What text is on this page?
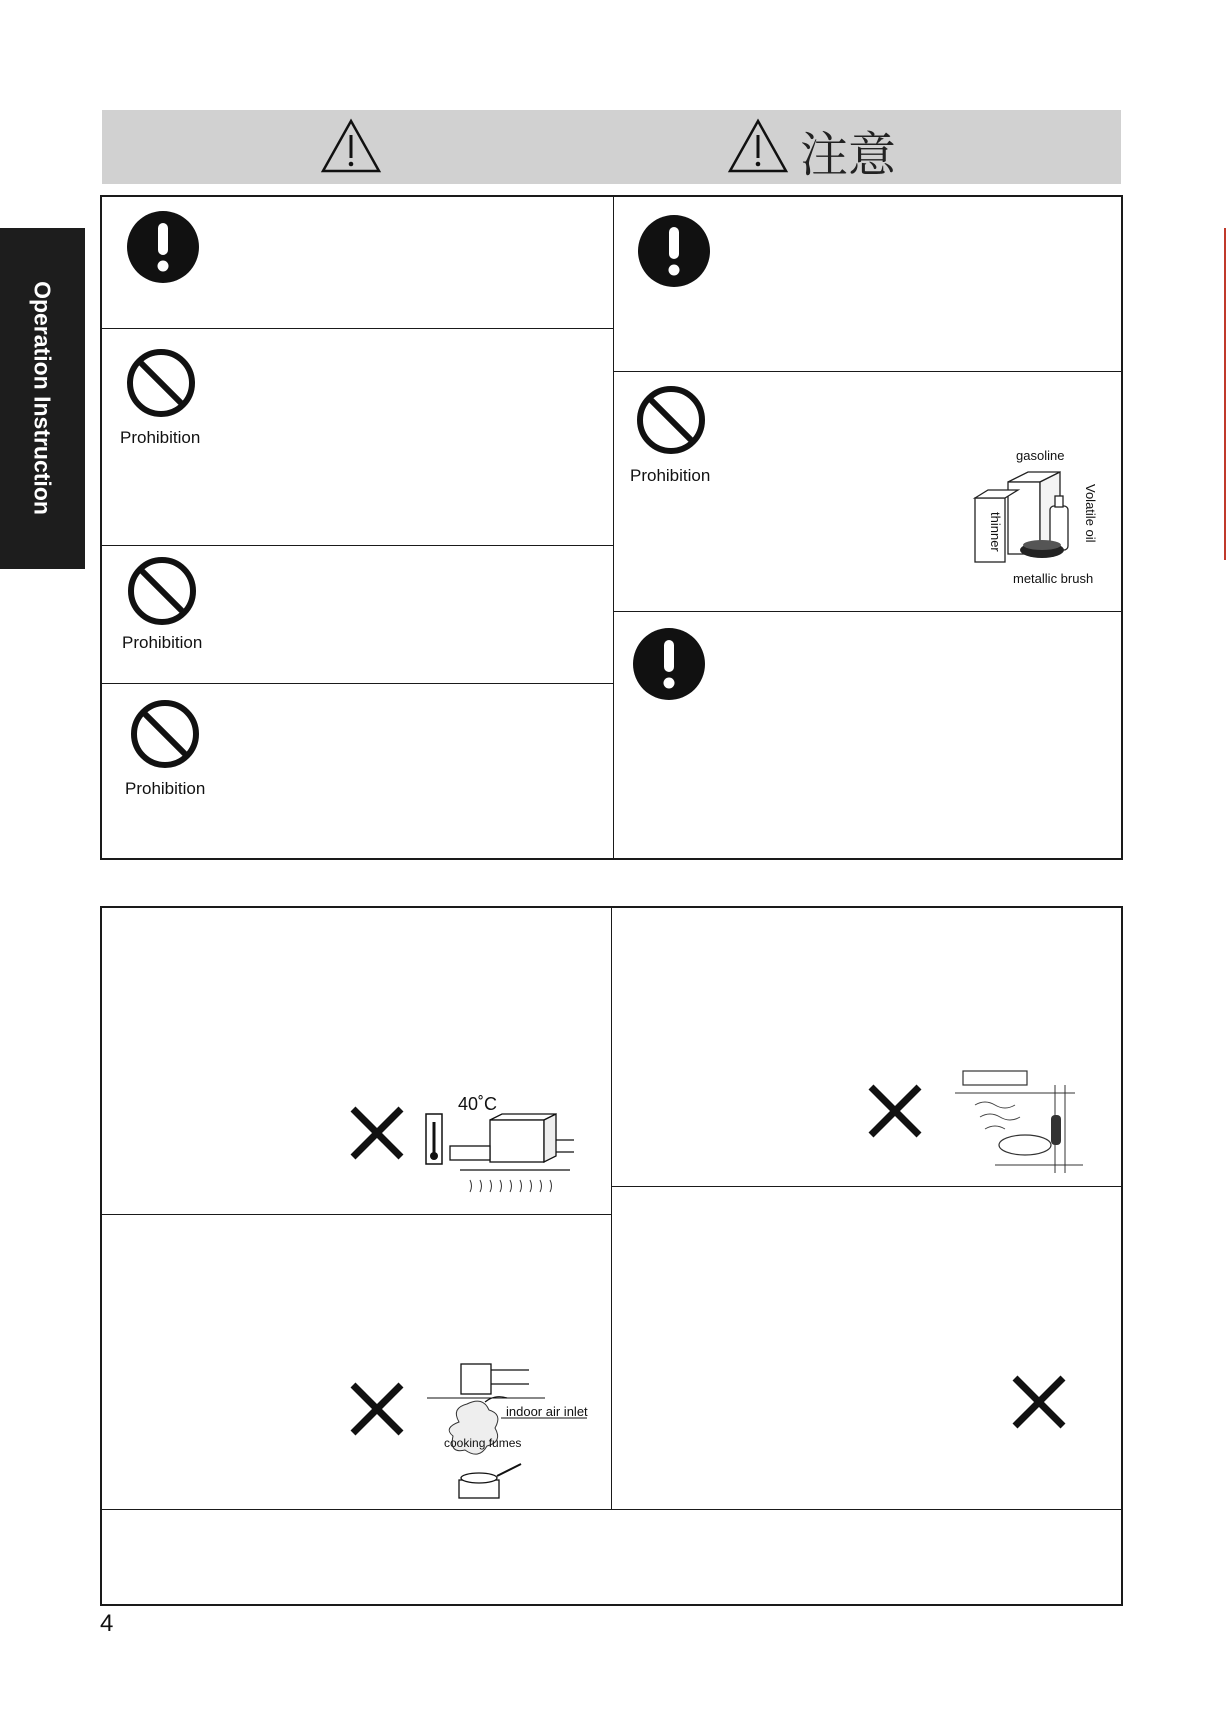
Operation Instruction
注意
Prohibition
Prohibition
Prohibition
Prohibition
gasoline
Volatile oil
metallic brush
thinner
40˚C
indoor air inlet
cooking fumes
4
